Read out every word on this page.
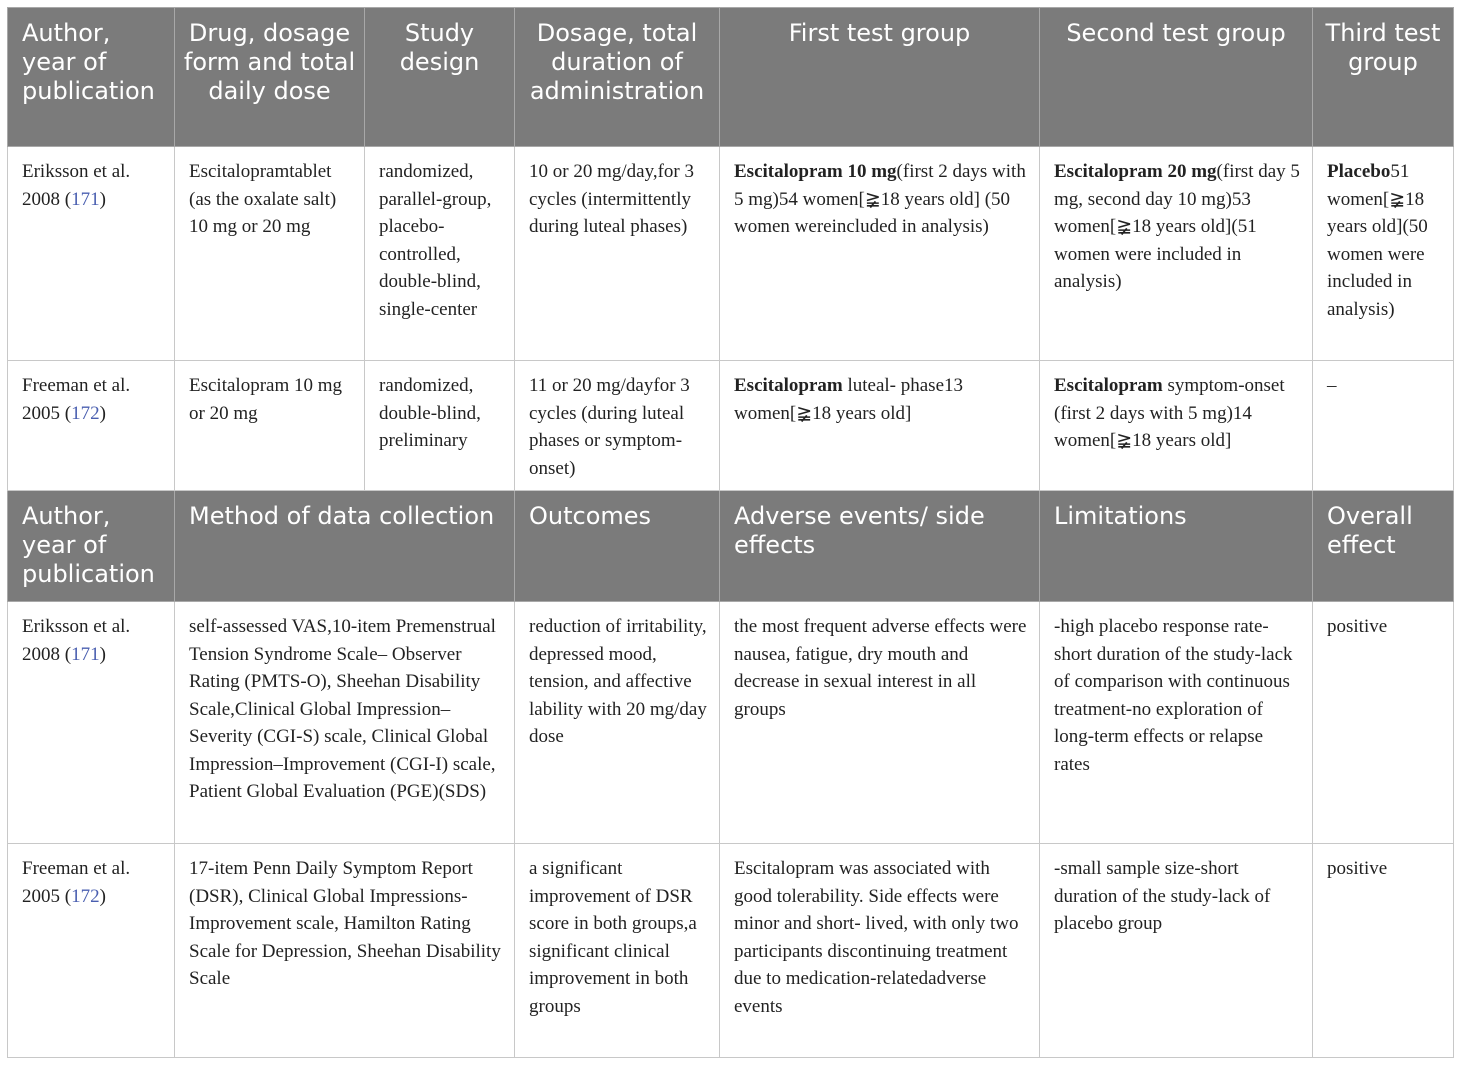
Author, year of publication	Drug, dosage form and total daily dose	Study design	Dosage, total duration of administration	First test group	Second test group	Third test group
Eriksson et al. 2008 (171)	Escitalopramtablet (as the oxalate salt) 10 mg or 20 mg	randomized, parallel-group, placebo-controlled, double-blind, single-center	10 or 20 mg/day,for 3 cycles (intermittently during luteal phases)	Escitalopram 10 mg(first 2 days with 5 mg)54 women[≩18 years old] (50 women wereincluded in analysis)	Escitalopram 20 mg(first day 5 mg, second day 10 mg)53 women[≩18 years old](51 women were included in analysis)	Placebo51 women[≩18 years old](50 women were included in analysis)
Freeman et al. 2005 (172)	Escitalopram 10 mg or 20 mg	randomized, double-blind, preliminary	11 or 20 mg/dayfor 3 cycles (during luteal phases or symptom-onset)	Escitalopram luteal- phase13 women[≩18 years old]	Escitalopram symptom-onset (first 2 days with 5 mg)14 women[≩18 years old]	–
Author, year of publication	Method of data collection		Outcomes	Adverse events/ side effects	Limitations	Overall effect
Eriksson et al. 2008 (171)	self-assessed VAS,10-item Premenstrual Tension Syndrome Scale– Observer Rating (PMTS-O), Sheehan Disability Scale,Clinical Global Impression–Severity (CGI-S) scale, Clinical Global Impression–Improvement (CGI-I) scale, Patient Global Evaluation (PGE)(SDS)		reduction of irritability, depressed mood, tension, and affective lability with 20 mg/day dose	the most frequent adverse effects were nausea, fatigue, dry mouth and decrease in sexual interest in all groups	-high placebo response rate-short duration of the study-lack of comparison with continuous treatment-no exploration of long-term effects or relapse rates	positive
Freeman et al. 2005 (172)	17-item Penn Daily Symptom Report (DSR), Clinical Global Impressions-Improvement scale, Hamilton Rating Scale for Depression, Sheehan Disability Scale		a significant improvement of DSR score in both groups,a significant clinical improvement in both groups	Escitalopram was associated with good tolerability. Side effects were minor and short- lived, with only two participants discontinuing treatment due to medication-relatedadverse events	-small sample size-short duration of the study-lack of placebo group	positive
